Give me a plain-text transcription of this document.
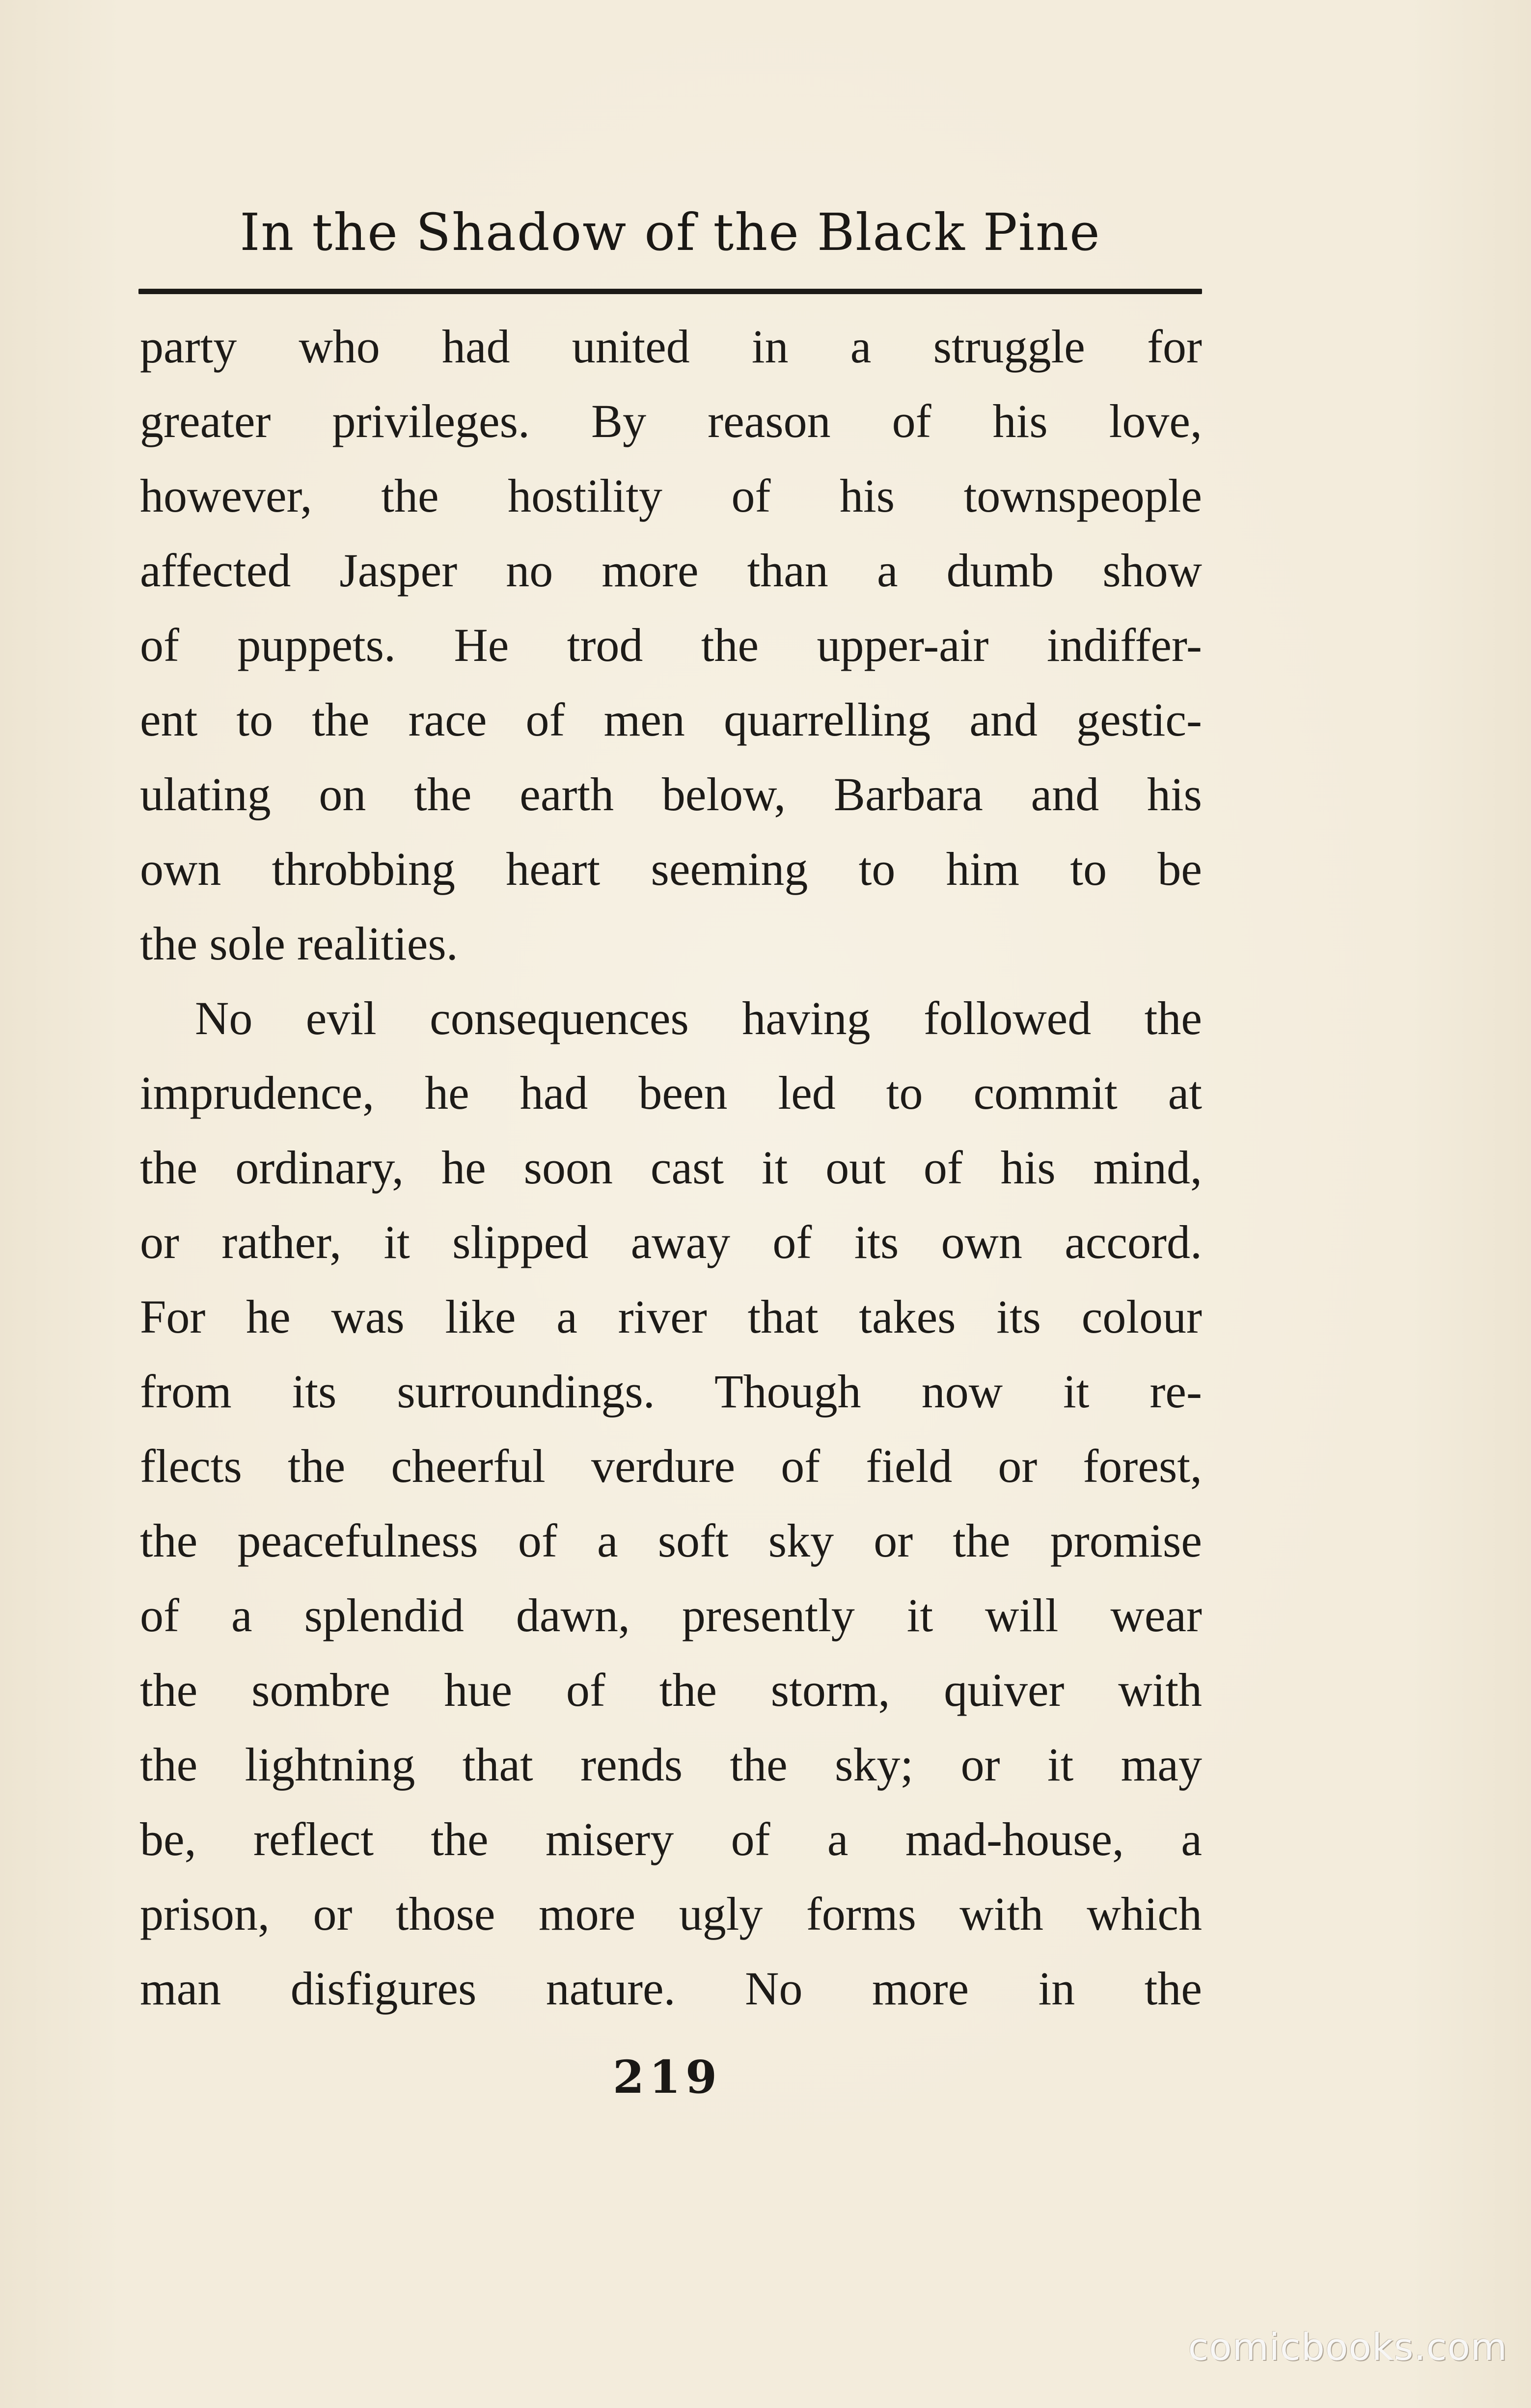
In the Shadow of the Black Pine
party who had united in a struggle for
greater privileges. By reason of his love,
however, the hostility of his townspeople
affected Jasper no more than a dumb show
of puppets. He trod the upper-air indiffer-
ent to the race of men quarrelling and gestic-
ulating on the earth below, Barbara and his
own throbbing heart seeming to him to be
the sole realities.
No evil consequences having followed the
imprudence, he had been led to commit at
the ordinary, he soon cast it out of his mind,
or rather, it slipped away of its own accord.
For he was like a river that takes its colour
from its surroundings. Though now it re-
flects the cheerful verdure of field or forest,
the peacefulness of a soft sky or the promise
of a splendid dawn, presently it will wear
the sombre hue of the storm, quiver with
the lightning that rends the sky; or it may
be, reflect the misery of a mad-house, a
prison, or those more ugly forms with which
man disfigures nature. No more in the
219
comicbooks.com
